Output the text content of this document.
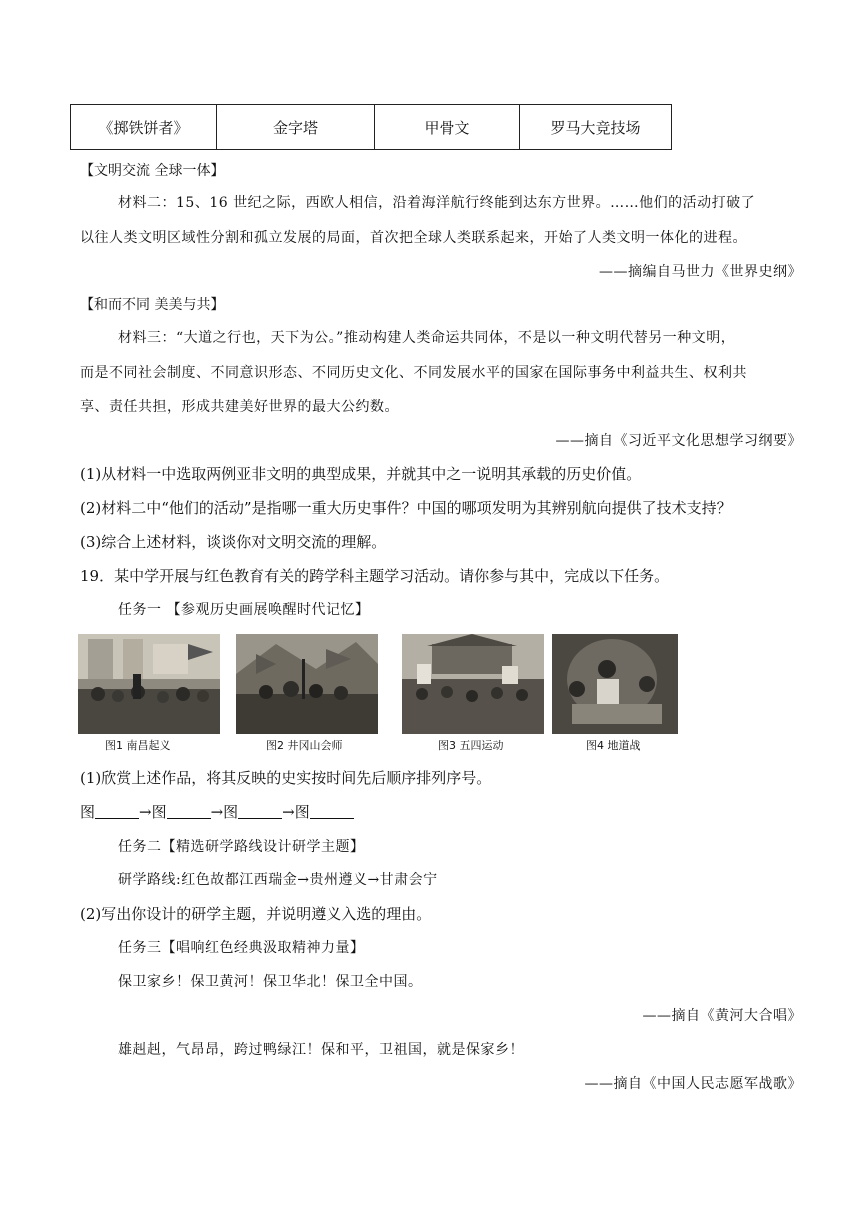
《掷铁饼者》	金字塔	甲骨文	罗马大竞技场
【文明交流 全球一体】
材料二：15、16 世纪之际，西欧人相信，沿着海洋航行终能到达东方世界。……他们的活动打破了
以往人类文明区域性分割和孤立发展的局面，首次把全球人类联系起来，开始了人类文明一体化的进程。
——摘编自马世力《世界史纲》
【和而不同 美美与共】
材料三：“大道之行也，天下为公。”推动构建人类命运共同体，不是以一种文明代替另一种文明，
而是不同社会制度、不同意识形态、不同历史文化、不同发展水平的国家在国际事务中利益共生、权利共
享、责任共担，形成共建美好世界的最大公约数。
——摘自《习近平文化思想学习纲要》
(1)从材料一中选取两例亚非文明的典型成果，并就其中之一说明其承载的历史价值。
(2)材料二中“他们的活动”是指哪一重大历史事件？中国的哪项发明为其辨别航向提供了技术支持？
(3)综合上述材料，谈谈你对文明交流的理解。
19．某中学开展与红色教育有关的跨学科主题学习活动。请你参与其中，完成以下任务。
任务一 【参观历史画展唤醒时代记忆】
图1 南昌起义	图2 井冈山会师	图3 五四运动	图4 地道战
(1)欣赏上述作品，将其反映的史实按时间先后顺序排列序号。
图	→图	→图	→图
任务二【精选研学路线设计研学主题】
研学路线:红色故都江西瑞金→贵州遵义→甘肃会宁
(2)写出你设计的研学主题，并说明遵义入选的理由。
任务三【唱响红色经典汲取精神力量】
保卫家乡！保卫黄河！保卫华北！保卫全中国。
——摘自《黄河大合唱》
雄赳赳，气昂昂，跨过鸭绿江！保和平，卫祖国，就是保家乡！
——摘自《中国人民志愿军战歌》
